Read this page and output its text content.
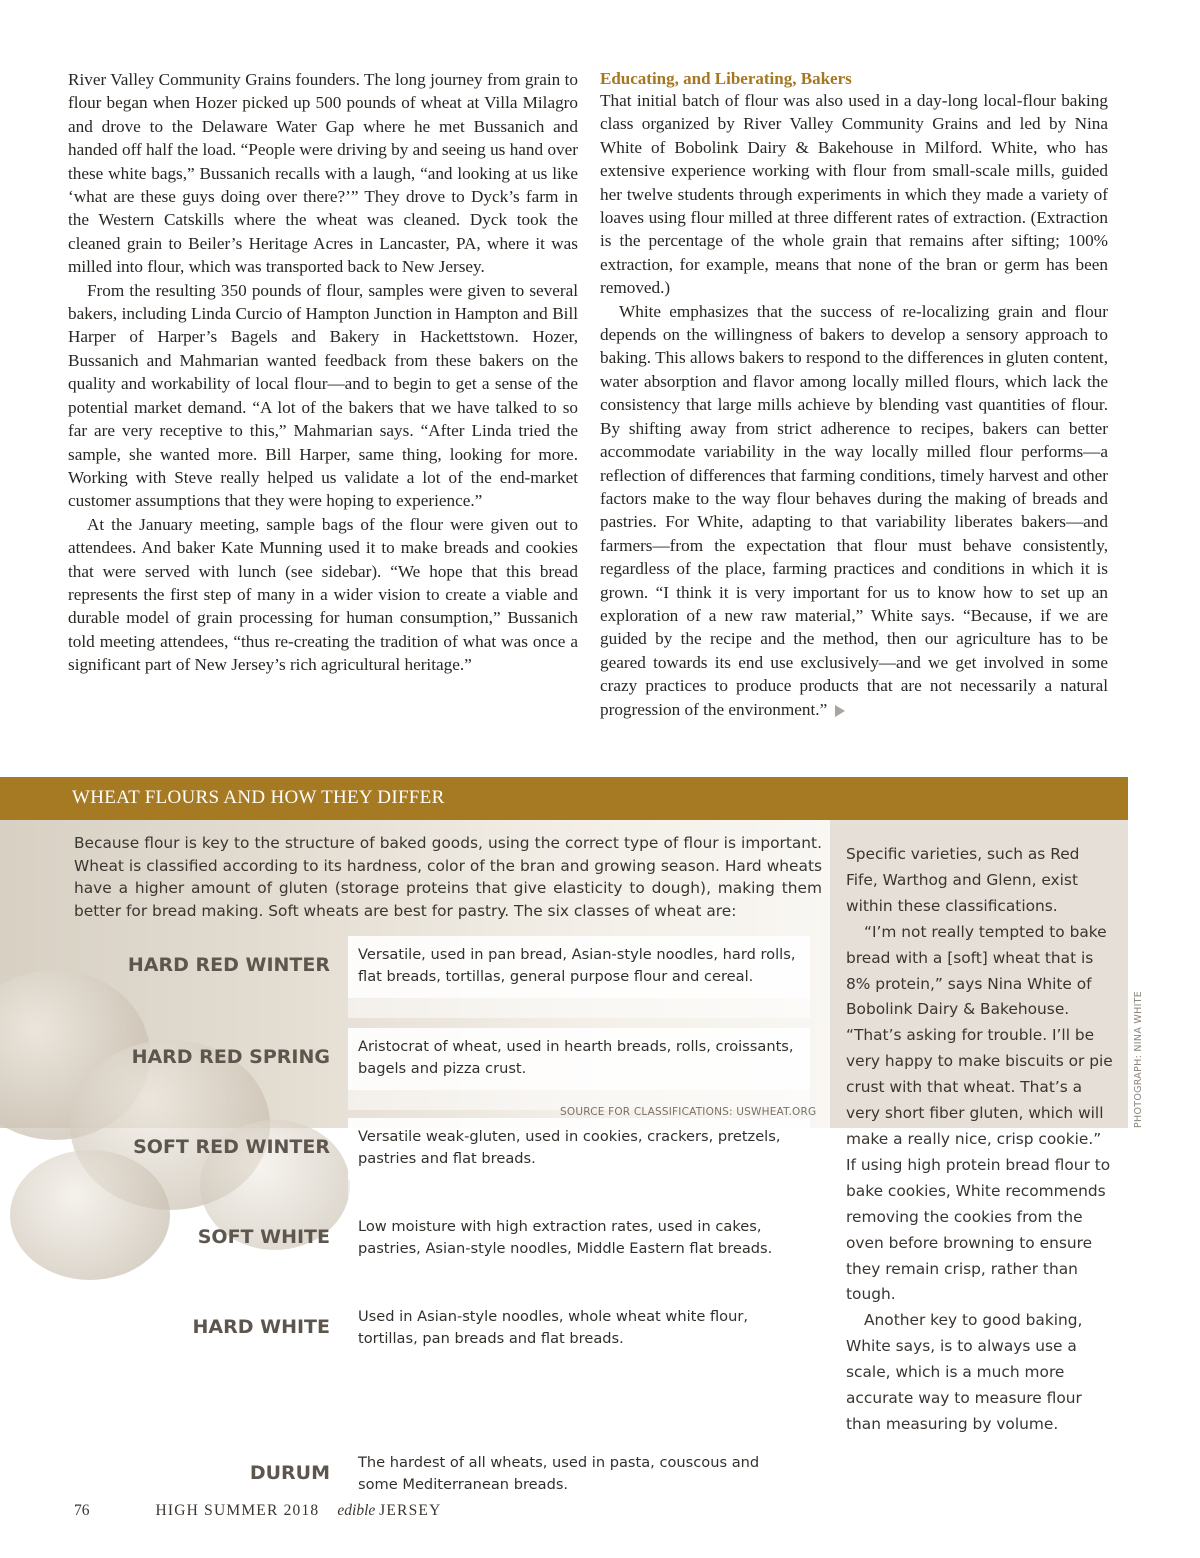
River Valley Community Grains founders. The long journey from grain to flour began when Hozer picked up 500 pounds of wheat at Villa Milagro and drove to the Delaware Water Gap where he met Bussanich and handed off half the load. “People were driving by and seeing us hand over these white bags,” Bussanich recalls with a laugh, “and looking at us like ‘what are these guys doing over there?’” They drove to Dyck’s farm in the Western Catskills where the wheat was cleaned. Dyck took the cleaned grain to Beiler’s Heritage Acres in Lancaster, PA, where it was milled into flour, which was transported back to New Jersey.

From the resulting 350 pounds of flour, samples were given to several bakers, including Linda Curcio of Hampton Junction in Hampton and Bill Harper of Harper’s Bagels and Bakery in Hackettstown. Hozer, Bussanich and Mahmarian wanted feedback from these bakers on the quality and workability of local flour—and to begin to get a sense of the potential market demand. “A lot of the bakers that we have talked to so far are very receptive to this,” Mahmarian says. “After Linda tried the sample, she wanted more. Bill Harper, same thing, looking for more. Working with Steve really helped us validate a lot of the end-market customer assumptions that they were hoping to experience.”

At the January meeting, sample bags of the flour were given out to attendees. And baker Kate Munning used it to make breads and cookies that were served with lunch (see sidebar). “We hope that this bread represents the first step of many in a wider vision to create a viable and durable model of grain processing for human consumption,” Bussanich told meeting attendees, “thus re-creating the tradition of what was once a significant part of New Jersey’s rich agricultural heritage.”

Educating, and Liberating, Bakers

That initial batch of flour was also used in a day-long local-flour baking class organized by River Valley Community Grains and led by Nina White of Bobolink Dairy & Bakehouse in Milford. White, who has extensive experience working with flour from small-scale mills, guided her twelve students through experiments in which they made a variety of loaves using flour milled at three different rates of extraction. (Extraction is the percentage of the whole grain that remains after sifting; 100% extraction, for example, means that none of the bran or germ has been removed.)

White emphasizes that the success of re-localizing grain and flour depends on the willingness of bakers to develop a sensory approach to baking. This allows bakers to respond to the differences in gluten content, water absorption and flavor among locally milled flours, which lack the consistency that large mills achieve by blending vast quantities of flour. By shifting away from strict adherence to recipes, bakers can better accommodate variability in the way locally milled flour performs—a reflection of differences that farming conditions, timely harvest and other factors make to the way flour behaves during the making of breads and pastries. For White, adapting to that variability liberates bakers—and farmers—from the expectation that flour must behave consistently, regardless of the place, farming practices and conditions in which it is grown. “I think it is very important for us to know how to set up an exploration of a new raw material,” White says. “Because, if we are guided by the recipe and the method, then our agriculture has to be geared towards its end use exclusively—and we get involved in some crazy practices to produce products that are not necessarily a natural progression of the environment.”

WHEAT FLOURS AND HOW THEY DIFFER
Because flour is key to the structure of baked goods, using the correct type of flour is important. Wheat is classified according to its hardness, color of the bran and growing season. Hard wheats have a higher amount of gluten (storage proteins that give elasticity to dough), making them better for bread making. Soft wheats are best for pastry. The six classes of wheat are:
HARD RED WINTER	Versatile, used in pan bread, Asian-style noodles, hard rolls, flat breads, tortillas, general purpose flour and cereal.
HARD RED SPRING	Aristocrat of wheat, used in hearth breads, rolls, croissants, bagels and pizza crust.
SOFT RED WINTER	Versatile weak-gluten, used in cookies, crackers, pretzels, pastries and flat breads.
SOFT WHITE	Low moisture with high extraction rates, used in cakes, pastries, Asian-style noodles, Middle Eastern flat breads.
HARD WHITE	Used in Asian-style noodles, whole wheat white flour, tortillas, pan breads and flat breads.
DURUM	The hardest of all wheats, used in pasta, couscous and some Mediterranean breads.
SOURCE FOR CLASSIFICATIONS: USWHEAT.ORG

Specific varieties, such as Red Fife, Warthog and Glenn, exist within these classifications.

“I’m not really tempted to bake bread with a [soft] wheat that is 8% protein,” says Nina White of Bobolink Dairy & Bakehouse. “That’s asking for trouble. I’ll be very happy to make biscuits or pie crust with that wheat. That’s a very short fiber gluten, which will make a really nice, crisp cookie.” If using high protein bread flour to bake cookies, White recommends removing the cookies from the oven before browning to ensure they remain crisp, rather than tough.

Another key to good baking, White says, is to always use a scale, which is a much more accurate way to measure flour than measuring by volume.

PHOTOGRAPH: NINA WHITE
76	HIGH SUMMER 2018 edible JERSEY
